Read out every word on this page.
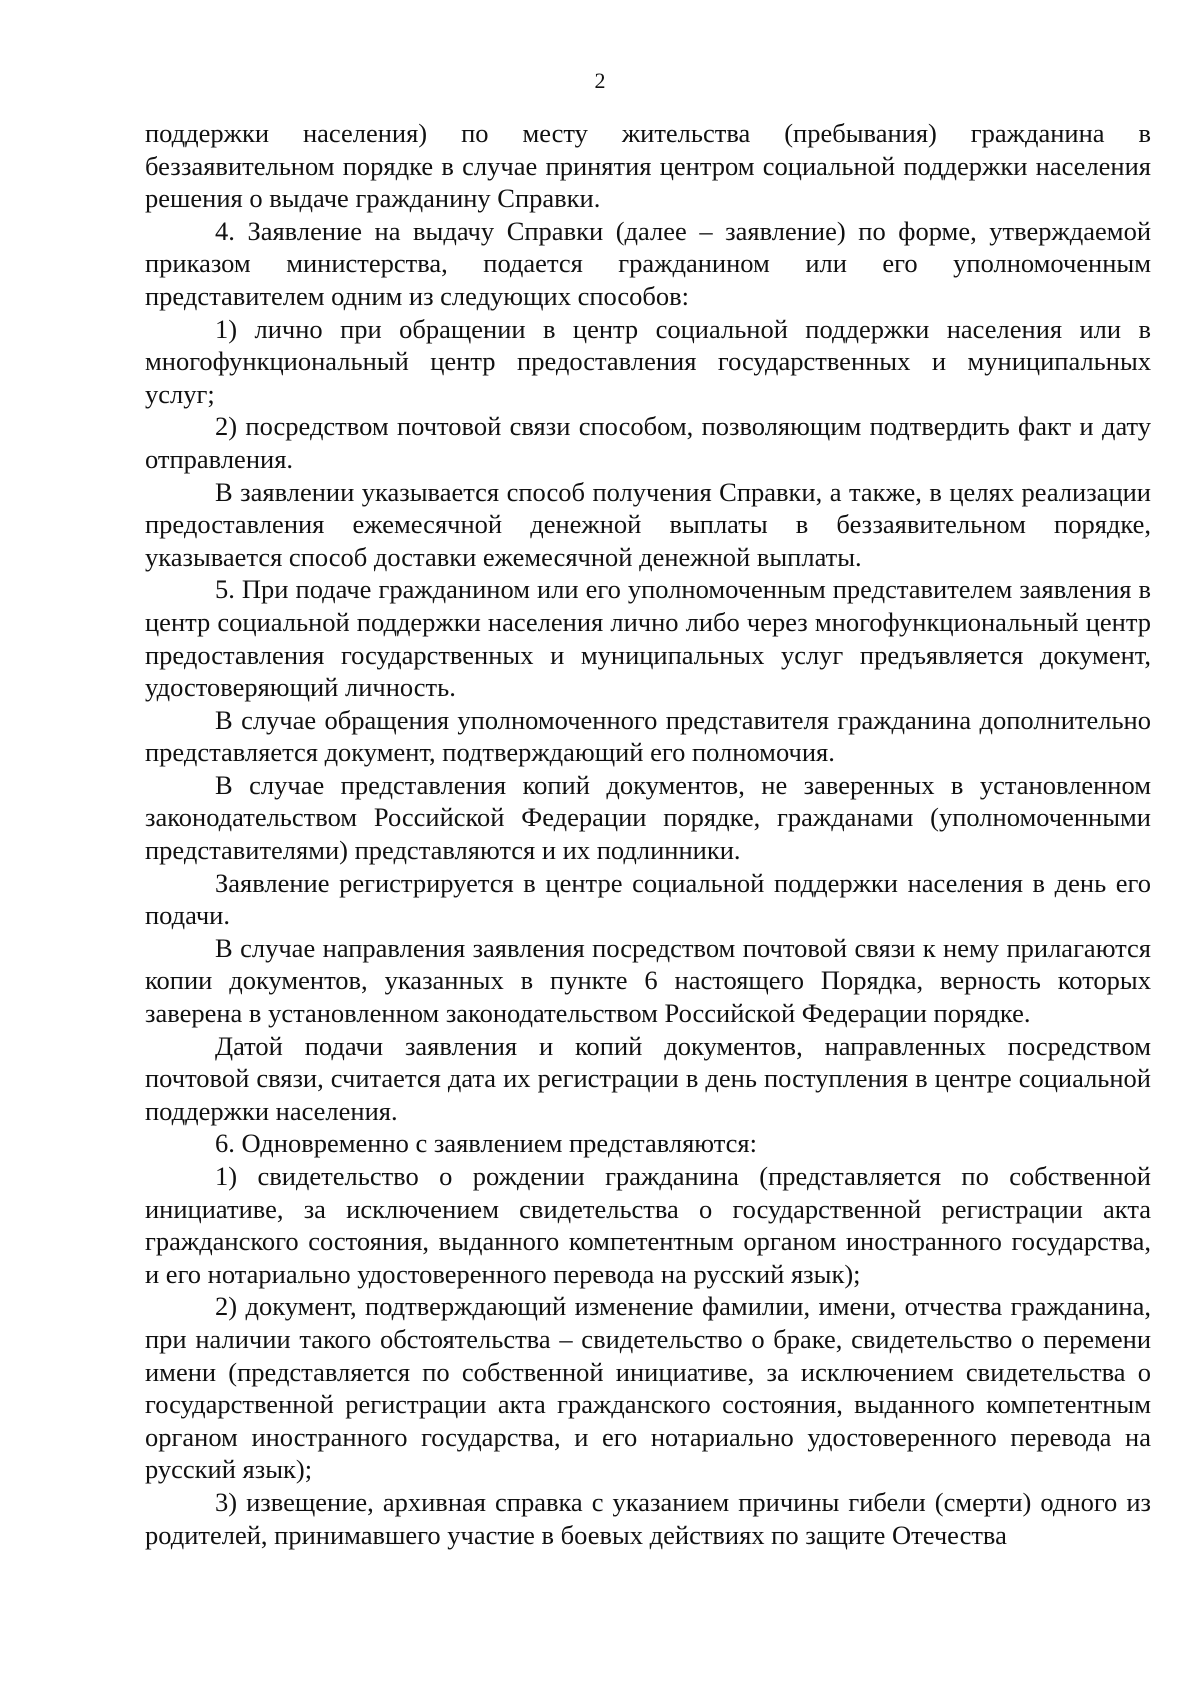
2

поддержки населения) по месту жительства (пребывания) гражданина в беззаявительном порядке в случае принятия центром социальной поддержки населения решения о выдаче гражданину Справки.

4. Заявление на выдачу Справки (далее – заявление) по форме, утверждаемой приказом министерства, подается гражданином или его уполномоченным представителем одним из следующих способов:

1) лично при обращении в центр социальной поддержки населения или в многофункциональный центр предоставления государственных и муниципальных услуг;

2) посредством почтовой связи способом, позволяющим подтвердить факт и дату отправления.

В заявлении указывается способ получения Справки, а также, в целях реализации предоставления ежемесячной денежной выплаты в беззаявительном порядке, указывается способ доставки ежемесячной денежной выплаты.

5. При подаче гражданином или его уполномоченным представителем заявления в центр социальной поддержки населения лично либо через многофункциональный центр предоставления государственных и муниципальных услуг предъявляется документ, удостоверяющий личность.

В случае обращения уполномоченного представителя гражданина дополнительно представляется документ, подтверждающий его полномочия.

В случае представления копий документов, не заверенных в установленном законодательством Российской Федерации порядке, гражданами (уполномоченными представителями) представляются и их подлинники.

Заявление регистрируется в центре социальной поддержки населения в день его подачи.

В случае направления заявления посредством почтовой связи к нему прилагаются копии документов, указанных в пункте 6 настоящего Порядка, верность которых заверена в установленном законодательством Российской Федерации порядке.

Датой подачи заявления и копий документов, направленных посредством почтовой связи, считается дата их регистрации в день поступления в центре социальной поддержки населения.

6. Одновременно с заявлением представляются:

1) свидетельство о рождении гражданина (представляется по собственной инициативе, за исключением свидетельства о государственной регистрации акта гражданского состояния, выданного компетентным органом иностранного государства, и его нотариально удостоверенного перевода на русский язык);

2) документ, подтверждающий изменение фамилии, имени, отчества гражданина, при наличии такого обстоятельства – свидетельство о браке, свидетельство о перемени имени (представляется по собственной инициативе, за исключением свидетельства о государственной регистрации акта гражданского состояния, выданного компетентным органом иностранного государства, и его нотариально удостоверенного перевода на русский язык);

3) извещение, архивная справка с указанием причины гибели (смерти) одного из родителей, принимавшего участие в боевых действиях по защите Отечества
